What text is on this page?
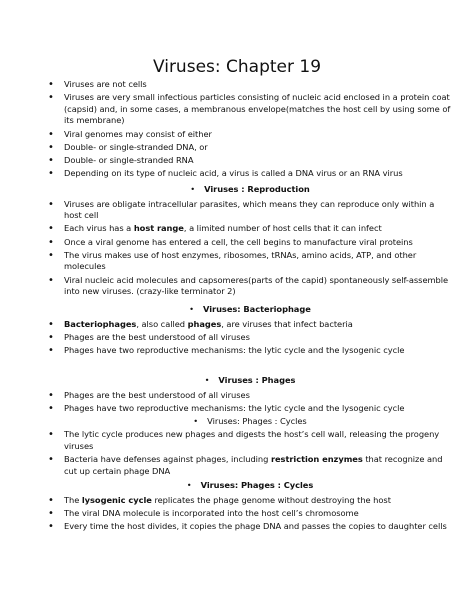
Viruses: Chapter 19
• Viruses are not cells
• Viruses are very small infectious particles consisting of nucleic acid enclosed in a protein coat (capsid) and, in some cases, a membranous envelope(matches the host cell by using some of its membrane)
• Viral genomes may consist of either
• Double- or single-stranded DNA, or
• Double- or single-stranded RNA
• Depending on its type of nucleic acid, a virus is called a DNA virus or an RNA virus
• Viruses : Reproduction
• Viruses are obligate intracellular parasites, which means they can reproduce only within a host cell
• Each virus has a host range, a limited number of host cells that it can infect
• Once a viral genome has entered a cell, the cell begins to manufacture viral proteins
• The virus makes use of host enzymes, ribosomes, tRNAs, amino acids, ATP, and other molecules
• Viral nucleic acid molecules and capsomeres(parts of the capid) spontaneously self-assemble into new viruses. (crazy-like terminator 2)
• Viruses: Bacteriophage
• Bacteriophages, also called phages, are viruses that infect bacteria
• Phages are the best understood of all viruses
• Phages have two reproductive mechanisms: the lytic cycle and the lysogenic cycle
• Viruses : Phages
• Phages are the best understood of all viruses
• Phages have two reproductive mechanisms: the lytic cycle and the lysogenic cycle
• Viruses: Phages : Cycles
• The lytic cycle produces new phages and digests the host’s cell wall, releasing the progeny viruses
• Bacteria have defenses against phages, including restriction enzymes that recognize and cut up certain phage DNA
• Viruses: Phages : Cycles
• The lysogenic cycle replicates the phage genome without destroying the host
• The viral DNA molecule is incorporated into the host cell’s chromosome
• Every time the host divides, it copies the phage DNA and passes the copies to daughter cells
